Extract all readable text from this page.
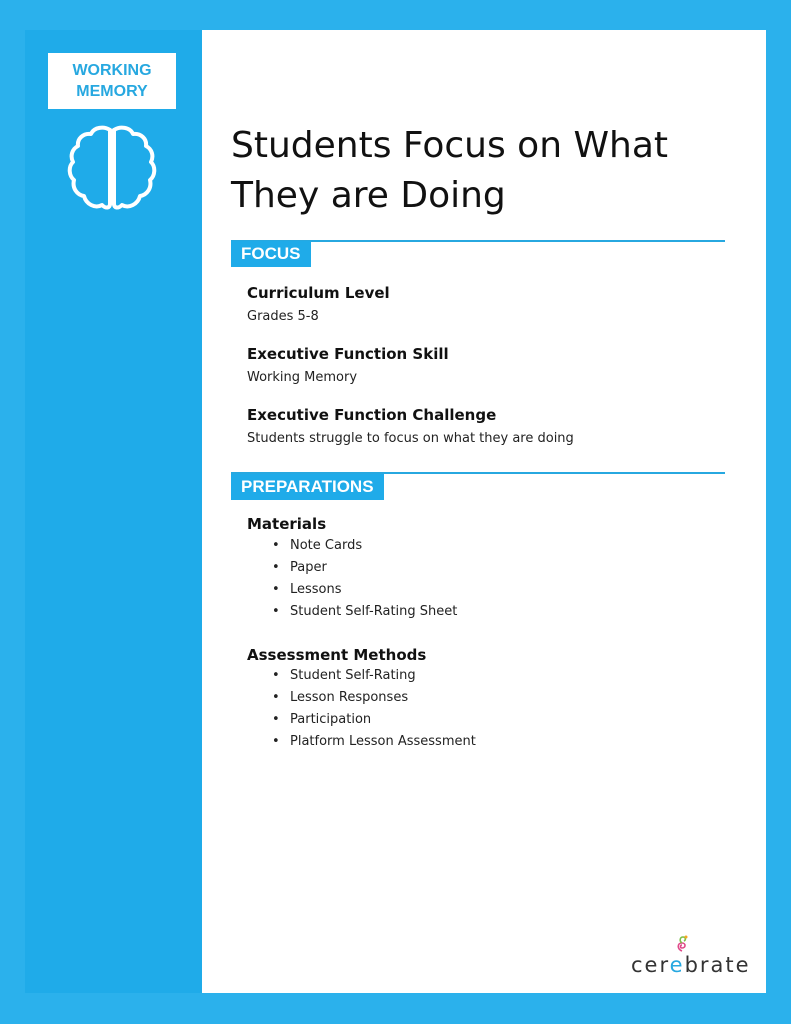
WORKING
MEMORY
Students Focus on What
They are Doing
FOCUS
Curriculum Level
Grades 5-8
Executive Function Skill
Working Memory
Executive Function Challenge
Students struggle to focus on what they are doing
PREPARATIONS
Materials
• Note Cards
• Paper
• Lessons
• Student Self-Rating Sheet
Assessment Methods
• Student Self-Rating
• Lesson Responses
• Participation
• Platform Lesson Assessment
cerebrate
